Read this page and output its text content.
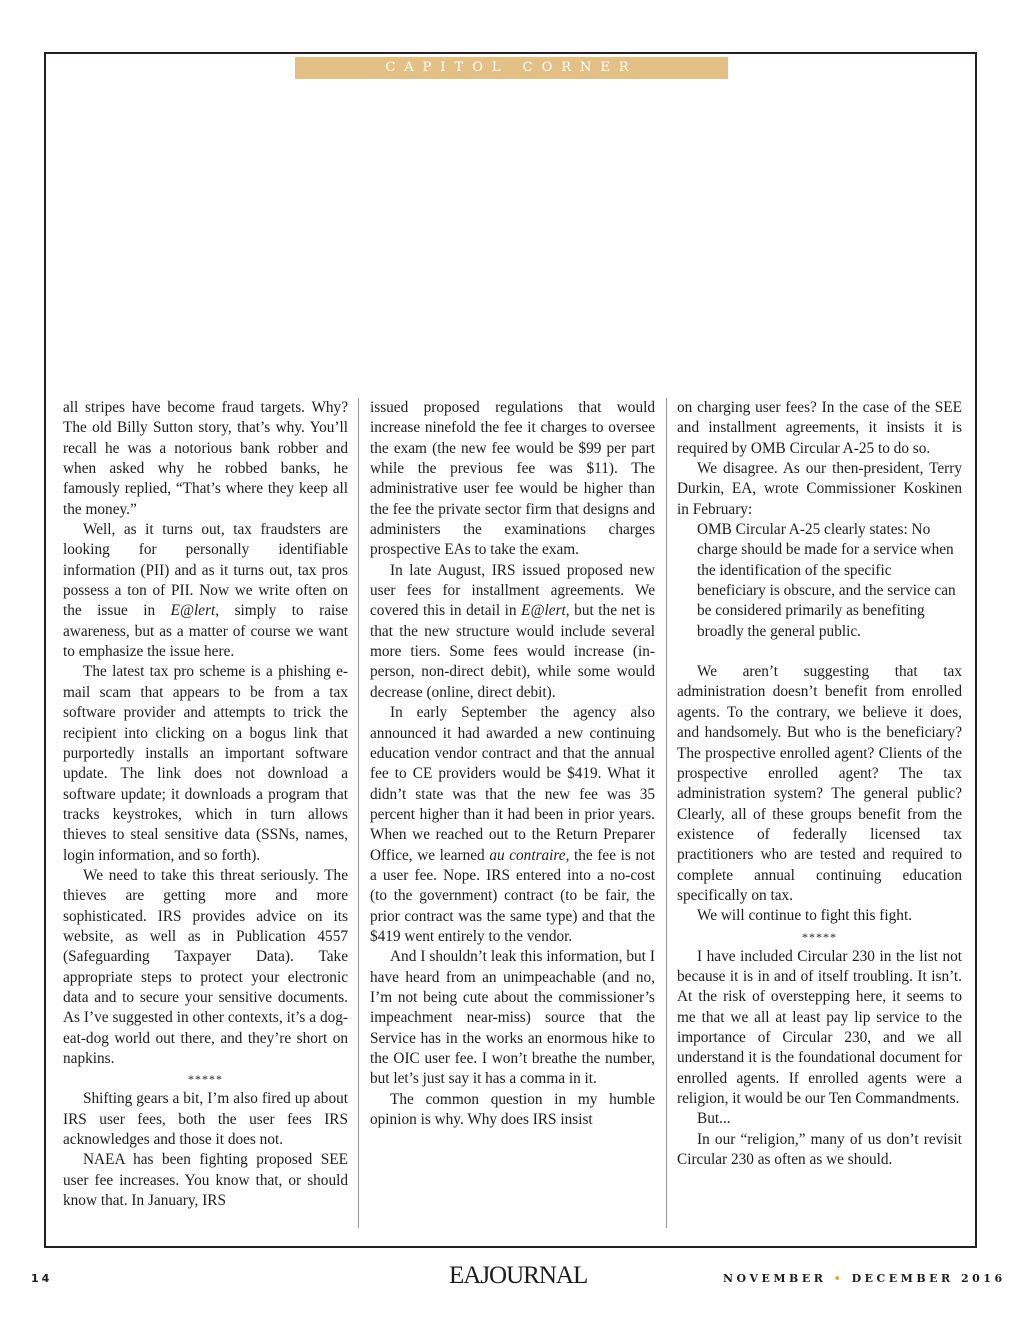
CAPITOL CORNER

all stripes have become fraud targets. Why? The old Billy Sutton story, that’s why. You’ll recall he was a notorious bank robber and when asked why he robbed banks, he famously replied, “That’s where they keep all the money.”

Well, as it turns out, tax fraudsters are looking for personally identifiable information (PII) and as it turns out, tax pros possess a ton of PII. Now we write often on the issue in E@lert, simply to raise awareness, but as a matter of course we want to emphasize the issue here.

The latest tax pro scheme is a phishing e-mail scam that appears to be from a tax software provider and attempts to trick the recipient into clicking on a bogus link that purportedly installs an important software update. The link does not download a software update; it downloads a program that tracks keystrokes, which in turn allows thieves to steal sensitive data (SSNs, names, login information, and so forth).

We need to take this threat seriously. The thieves are getting more and more sophisticated. IRS provides advice on its website, as well as in Publication 4557 (Safeguarding Taxpayer Data). Take appropriate steps to protect your electronic data and to secure your sensitive documents. As I’ve suggested in other contexts, it’s a dog-eat-dog world out there, and they’re short on napkins.

*****

Shifting gears a bit, I’m also fired up about IRS user fees, both the user fees IRS acknowledges and those it does not.

NAEA has been fighting proposed SEE user fee increases. You know that, or should know that. In January, IRS

issued proposed regulations that would increase ninefold the fee it charges to oversee the exam (the new fee would be $99 per part while the previous fee was $11). The administrative user fee would be higher than the fee the private sector firm that designs and administers the examinations charges prospective EAs to take the exam.

In late August, IRS issued proposed new user fees for installment agreements. We covered this in detail in E@lert, but the net is that the new structure would include several more tiers. Some fees would increase (in-person, non-direct debit), while some would decrease (online, direct debit).

In early September the agency also announced it had awarded a new continuing education vendor contract and that the annual fee to CE providers would be $419. What it didn’t state was that the new fee was 35 percent higher than it had been in prior years. When we reached out to the Return Preparer Office, we learned au contraire, the fee is not a user fee. Nope. IRS entered into a no-cost (to the government) contract (to be fair, the prior contract was the same type) and that the $419 went entirely to the vendor.

And I shouldn’t leak this information, but I have heard from an unimpeachable (and no, I’m not being cute about the commissioner’s impeachment near-miss) source that the Service has in the works an enormous hike to the OIC user fee. I won’t breathe the number, but let’s just say it has a comma in it.

The common question in my humble opinion is why. Why does IRS insist

on charging user fees? In the case of the SEE and installment agreements, it insists it is required by OMB Circular A-25 to do so.

We disagree. As our then-president, Terry Durkin, EA, wrote Commissioner Koskinen in February:

OMB Circular A-25 clearly states: No charge should be made for a service when the identification of the specific beneficiary is obscure, and the service can be considered primarily as benefiting broadly the general public.

We aren’t suggesting that tax administration doesn’t benefit from enrolled agents. To the contrary, we believe it does, and handsomely. But who is the beneficiary? The prospective enrolled agent? Clients of the prospective enrolled agent? The tax administration system? The general public? Clearly, all of these groups benefit from the existence of federally licensed tax practitioners who are tested and required to complete annual continuing education specifically on tax.

We will continue to fight this fight.

*****

I have included Circular 230 in the list not because it is in and of itself troubling. It isn’t. At the risk of overstepping here, it seems to me that we all at least pay lip service to the importance of Circular 230, and we all understand it is the foundational document for enrolled agents. If enrolled agents were a religion, it would be our Ten Commandments.

But...

In our “religion,” many of us don’t revisit Circular 230 as often as we should.

14	EAJOURNAL	NOVEMBER • DECEMBER 2016
